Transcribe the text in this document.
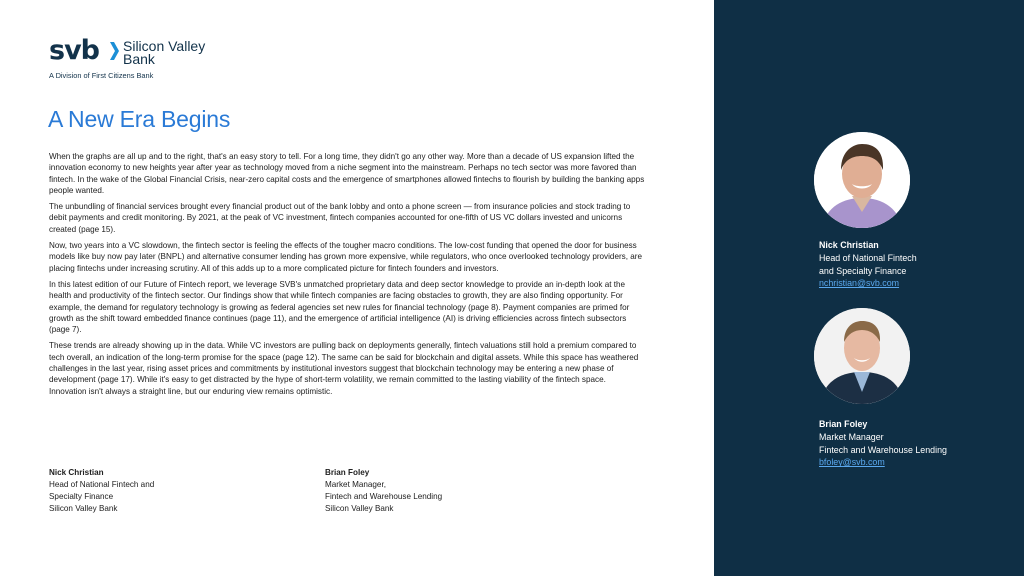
svb Silicon Valley
Bank
A Division of First Citizens Bank
A New Era Begins

When the graphs are all up and to the right, that's an easy story to tell. For a long time, they didn't go any other way. More than a decade of US expansion lifted the innovation economy to new heights year after year as technology moved from a niche segment into the mainstream. Perhaps no tech sector was more favored than fintech. In the wake of the Global Financial Crisis, near-zero capital costs and the emergence of smartphones allowed fintechs to flourish by building the banking apps people wanted.

The unbundling of financial services brought every financial product out of the bank lobby and onto a phone screen — from insurance policies and stock trading to debit payments and credit monitoring. By 2021, at the peak of VC investment, fintech companies accounted for one-fifth of US VC dollars invested and unicorns created (page 15).

Now, two years into a VC slowdown, the fintech sector is feeling the effects of the tougher macro conditions. The low-cost funding that opened the door for business models like buy now pay later (BNPL) and alternative consumer lending has grown more expensive, while regulators, who once overlooked technology providers, are placing fintechs under increasing scrutiny. All of this adds up to a more complicated picture for fintech founders and investors.

In this latest edition of our Future of Fintech report, we leverage SVB's unmatched proprietary data and deep sector knowledge to provide an in-depth look at the health and productivity of the fintech sector. Our findings show that while fintech companies are facing obstacles to growth, they are also finding opportunity. For example, the demand for regulatory technology is growing as federal agencies set new rules for financial technology (page 8). Payment companies are primed for growth as the shift toward embedded finance continues (page 11), and the emergence of artificial intelligence (AI) is driving efficiencies across fintech subsectors (page 7).

These trends are already showing up in the data. While VC investors are pulling back on deployments generally, fintech valuations still hold a premium compared to tech overall, an indication of the long-term promise for the space (page 12). The same can be said for blockchain and digital assets. While this space has weathered challenges in the last year, rising asset prices and commitments by institutional investors suggest that blockchain technology may be entering a new phase of development (page 17). While it's easy to get distracted by the hype of short-term volatility, we remain committed to the lasting viability of the fintech space. Innovation isn't always a straight line, but our enduring view remains optimistic.

Nick Christian
Head of National Fintech and
Specialty Finance
Silicon Valley Bank
Brian Foley
Market Manager,
Fintech and Warehouse Lending
Silicon Valley Bank
Nick Christian
Head of National Fintech
and Specialty Finance
nchristian@svb.com
Brian Foley
Market Manager
Fintech and Warehouse Lending
bfoley@svb.com
